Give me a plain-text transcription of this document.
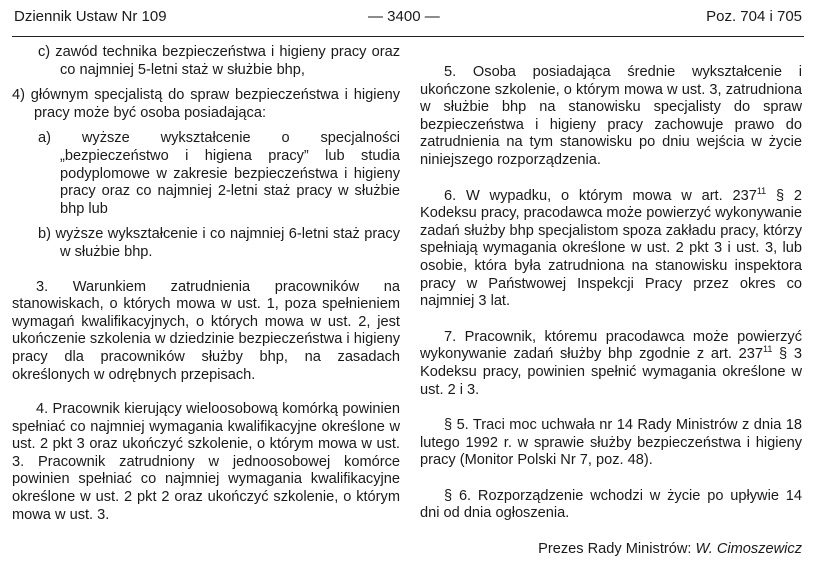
Dziennik Ustaw Nr 109	— 3400 —	Poz. 704 i 705

c) zawód technika bezpieczeństwa i higieny pracy oraz co najmniej 5-letni staż w służbie bhp,

4) głównym specjalistą do spraw bezpieczeństwa i higieny pracy może być osoba posiadająca:

a) wyższe wykształcenie o specjalności „bezpieczeństwo i higiena pracy” lub studia podyplomowe w zakresie bezpieczeństwa i higieny pracy oraz co najmniej 2-letni staż pracy w służbie bhp lub

b) wyższe wykształcenie i co najmniej 6-letni staż pracy w służbie bhp.

3. Warunkiem zatrudnienia pracowników na stanowiskach, o których mowa w ust. 1, poza spełnieniem wymagań kwalifikacyjnych, o których mowa w ust. 2, jest ukończenie szkolenia w dziedzinie bezpieczeństwa i higieny pracy dla pracowników służby bhp, na zasadach określonych w odrębnych przepisach.

4. Pracownik kierujący wieloosobową komórką powinien spełniać co najmniej wymagania kwalifikacyjne określone w ust. 2 pkt 3 oraz ukończyć szkolenie, o którym mowa w ust. 3. Pracownik zatrudniony w jednoosobowej komórce powinien spełniać co najmniej wymagania kwalifikacyjne określone w ust. 2 pkt 2 oraz ukończyć szkolenie, o którym mowa w ust. 3.

5. Osoba posiadająca średnie wykształcenie i ukończone szkolenie, o którym mowa w ust. 3, zatrudniona w służbie bhp na stanowisku specjalisty do spraw bezpieczeństwa i higieny pracy zachowuje prawo do zatrudnienia na tym stanowisku po dniu wejścia w życie niniejszego rozporządzenia.

6. W wypadku, o którym mowa w art. $237^{11}$ § 2 Kodeksu pracy, pracodawca może powierzyć wykonywanie zadań służby bhp specjalistom spoza zakładu pracy, którzy spełniają wymagania określone w ust. 2 pkt 3 i ust. 3, lub osobie, która była zatrudniona na stanowisku inspektora pracy w Państwowej Inspekcji Pracy przez okres co najmniej 3 lat.

7. Pracownik, któremu pracodawca może powierzyć wykonywanie zadań służby bhp zgodnie z art. $237^{11}$ § 3 Kodeksu pracy, powinien spełnić wymagania określone w ust. 2 i 3.

§ 5. Traci moc uchwała nr 14 Rady Ministrów z dnia 18 lutego 1992 r. w sprawie służby bezpieczeństwa i higieny pracy (Monitor Polski Nr 7, poz. 48).

§ 6. Rozporządzenie wchodzi w życie po upływie 14 dni od dnia ogłoszenia.

Prezes Rady Ministrów: W. Cimoszewicz
